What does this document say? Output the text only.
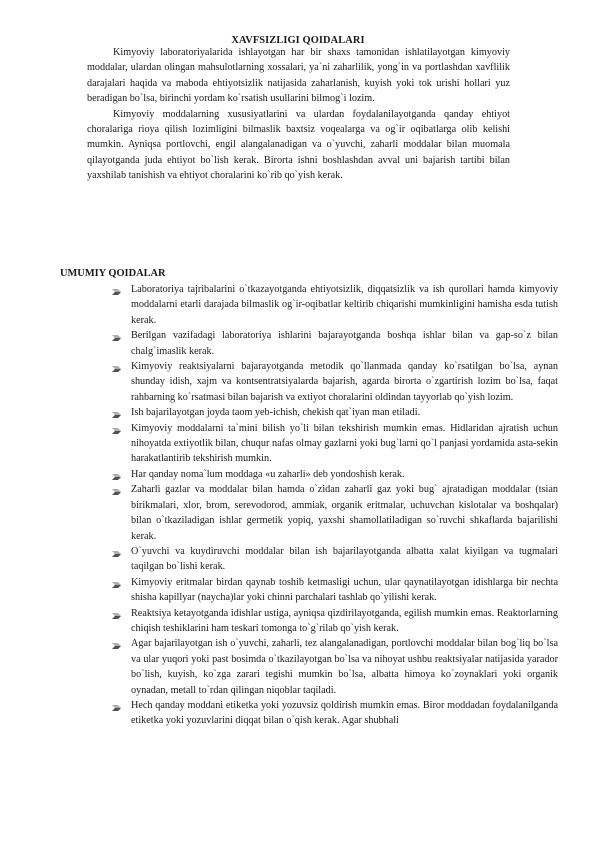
XAVFSIZLIGI QOIDALARI

Kimyoviy laboratoriyalarida ishlayotgan har bir shaxs tamonidan ishlatilayotgan kimyoviy moddalar, ulardan olingan mahsulotlarning xossalari, ya`ni zaharlilik, yong`in va portlashdan xavflilik darajalari haqida va maboda ehtiyotsizlik natijasida zaharlanish, kuyish yoki tok urishi hollari yuz beradigan bo`lsa, birinchi yordam ko`rsatish usullarini bilmog`i lozim.

Kimyoviy moddalarning xususiyatlarini va ulardan foydalanilayotganda qanday ehtiyot choralariga rioya qilish lozimligini bilmaslik baxtsiz voqealarga va og`ir oqibatlarga olib kelishi mumkin. Ayniqsa portlovchi, engil alangalanadigan va o`yuvchi, zaharli moddalar bilan muomala qilayotganda juda ehtiyot bo`lish kerak. Birorta ishni boshlashdan avval uni bajarish tartibi bilan yaxshilab tanishish va ehtiyot choralarini ko`rib qo`yish kerak.

UMUMIY QOIDALAR
Laboratoriya tajribalarini o`tkazayotganda ehtiyotsizlik, diqqatsizlik va ish qurollari hamda kimyoviy moddalarni etarli darajada bilmaslik og`ir-oqibatlar keltirib chiqarishi mumkinligini hamisha esda tutish kerak.
Berilgan vazifadagi laboratoriya ishlarini bajarayotganda boshqa ishlar bilan va gap-so`z bilan chalg`imaslik kerak.
Kimyoviy reaktsiyalarni bajarayotganda metodik qo`llanmada qanday ko`rsatilgan bo`lsa, aynan shunday idish, xajm va kontsentratsiyalarda bajarish, agarda birorta o`zgartirish lozim bo`lsa, faqat rahbarning ko`rsatmasi bilan bajarish va extiyot choralarini oldindan tayyorlab qo`yish lozim.
Ish bajarilayotgan joyda taom yeb-ichish, chekish qat`iyan man etiladi.
Kimyoviy moddalarni ta`mini bilish yo`li bilan tekshirish mumkin emas. Hidlaridan ajratish uchun nihoyatda extiyotlik bilan, chuqur nafas olmay gazlarni yoki bug`larni qo`l panjasi yordamida asta-sekin harakatlantirib tekshirish mumkin.
Har qanday noma`lum moddaga «u zaharli» deb yondoshish kerak.
Zaharli gazlar va moddalar bilan hamda o`zidan zaharli gaz yoki bug` ajratadigan moddalar (tsian birikmalari, xlor, brom, serevodorod, ammiak, organik eritmalar, uchuvchan kislotalar va boshqalar) bilan o`tkaziladigan ishlar germetik yopiq, yaxshi shamollatiladigan so`ruvchi shkaflarda bajarilishi kerak.
O`yuvchi va kuydiruvchi moddalar bilan ish bajarilayotganda albatta xalat kiyilgan va tugmalari taqilgan bo`lishi kerak.
Kimyoviy eritmalar birdan qaynab toshib ketmasligi uchun, ular qaynatilayotgan idishlarga bir nechta shisha kapillyar (naycha)lar yoki chinni parchalari tashlab qo`yilishi kerak.
Reaktsiya ketayotganda idishlar ustiga, ayniqsa qizdirilayotganda, egilish mumkin emas. Reaktorlarning chiqish teshiklarini ham teskari tomonga to`g`rilab qo`yish kerak.
Agar bajarilayotgan ish o`yuvchi, zaharli, tez alangalanadigan, portlovchi moddalar bilan bog`liq bo`lsa va ular yuqori yoki past bosimda o`tkazilayotgan bo`lsa va nihoyat ushbu reaktsiyalar natijasida yarador bo`lish, kuyish, ko`zga zarari tegishi mumkin bo`lsa, albatta himoya ko`zoynaklari yoki organik oynadan, metall to`rdan qilingan niqoblar taqiladi.
Hech qanday moddani etiketka yoki yozuvsiz qoldirish mumkin emas. Biror moddadan foydalanilganda etiketka yoki yozuvlarini diqqat bilan o`qish kerak. Agar shubhali
